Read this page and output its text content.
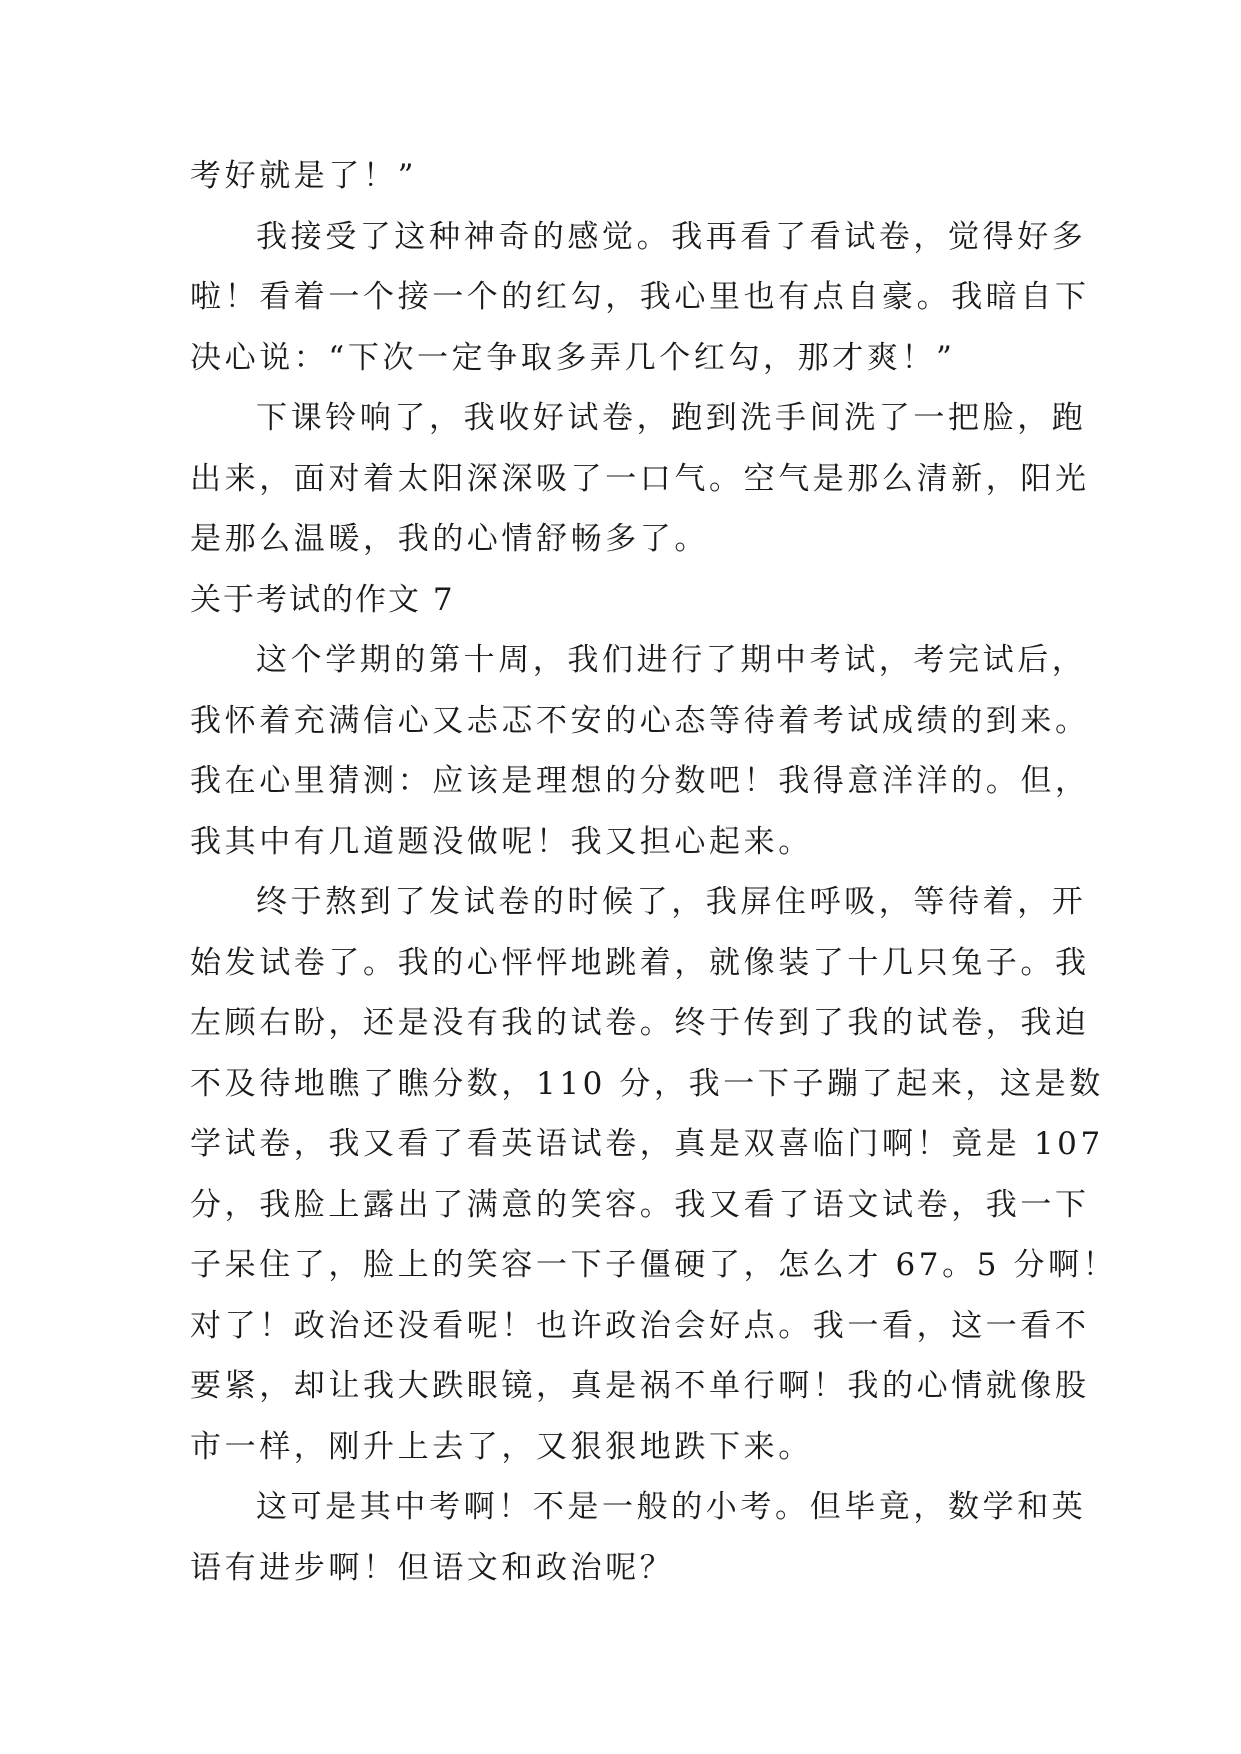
考好就是了！”
我接受了这种神奇的感觉。我再看了看试卷，觉得好多
啦！看着一个接一个的红勾，我心里也有点自豪。我暗自下
决心说：“下次一定争取多弄几个红勾，那才爽！”
下课铃响了，我收好试卷，跑到洗手间洗了一把脸，跑
出来，面对着太阳深深吸了一口气。空气是那么清新，阳光
是那么温暖，我的心情舒畅多了。
关于考试的作文 7
这个学期的第十周，我们进行了期中考试，考完试后，
我怀着充满信心又忐忑不安的心态等待着考试成绩的到来。
我在心里猜测：应该是理想的分数吧！我得意洋洋的。但，
我其中有几道题没做呢！我又担心起来。
终于熬到了发试卷的时候了，我屏住呼吸，等待着，开
始发试卷了。我的心怦怦地跳着，就像装了十几只兔子。我
左顾右盼，还是没有我的试卷。终于传到了我的试卷，我迫
不及待地瞧了瞧分数，110 分，我一下子蹦了起来，这是数
学试卷，我又看了看英语试卷，真是双喜临门啊！竟是 107
分，我脸上露出了满意的笑容。我又看了语文试卷，我一下
子呆住了，脸上的笑容一下子僵硬了，怎么才 67。5 分啊！
对了！政治还没看呢！也许政治会好点。我一看，这一看不
要紧，却让我大跌眼镜，真是祸不单行啊！我的心情就像股
市一样，刚升上去了，又狠狠地跌下来。
这可是其中考啊！不是一般的小考。但毕竟，数学和英
语有进步啊！但语文和政治呢？
